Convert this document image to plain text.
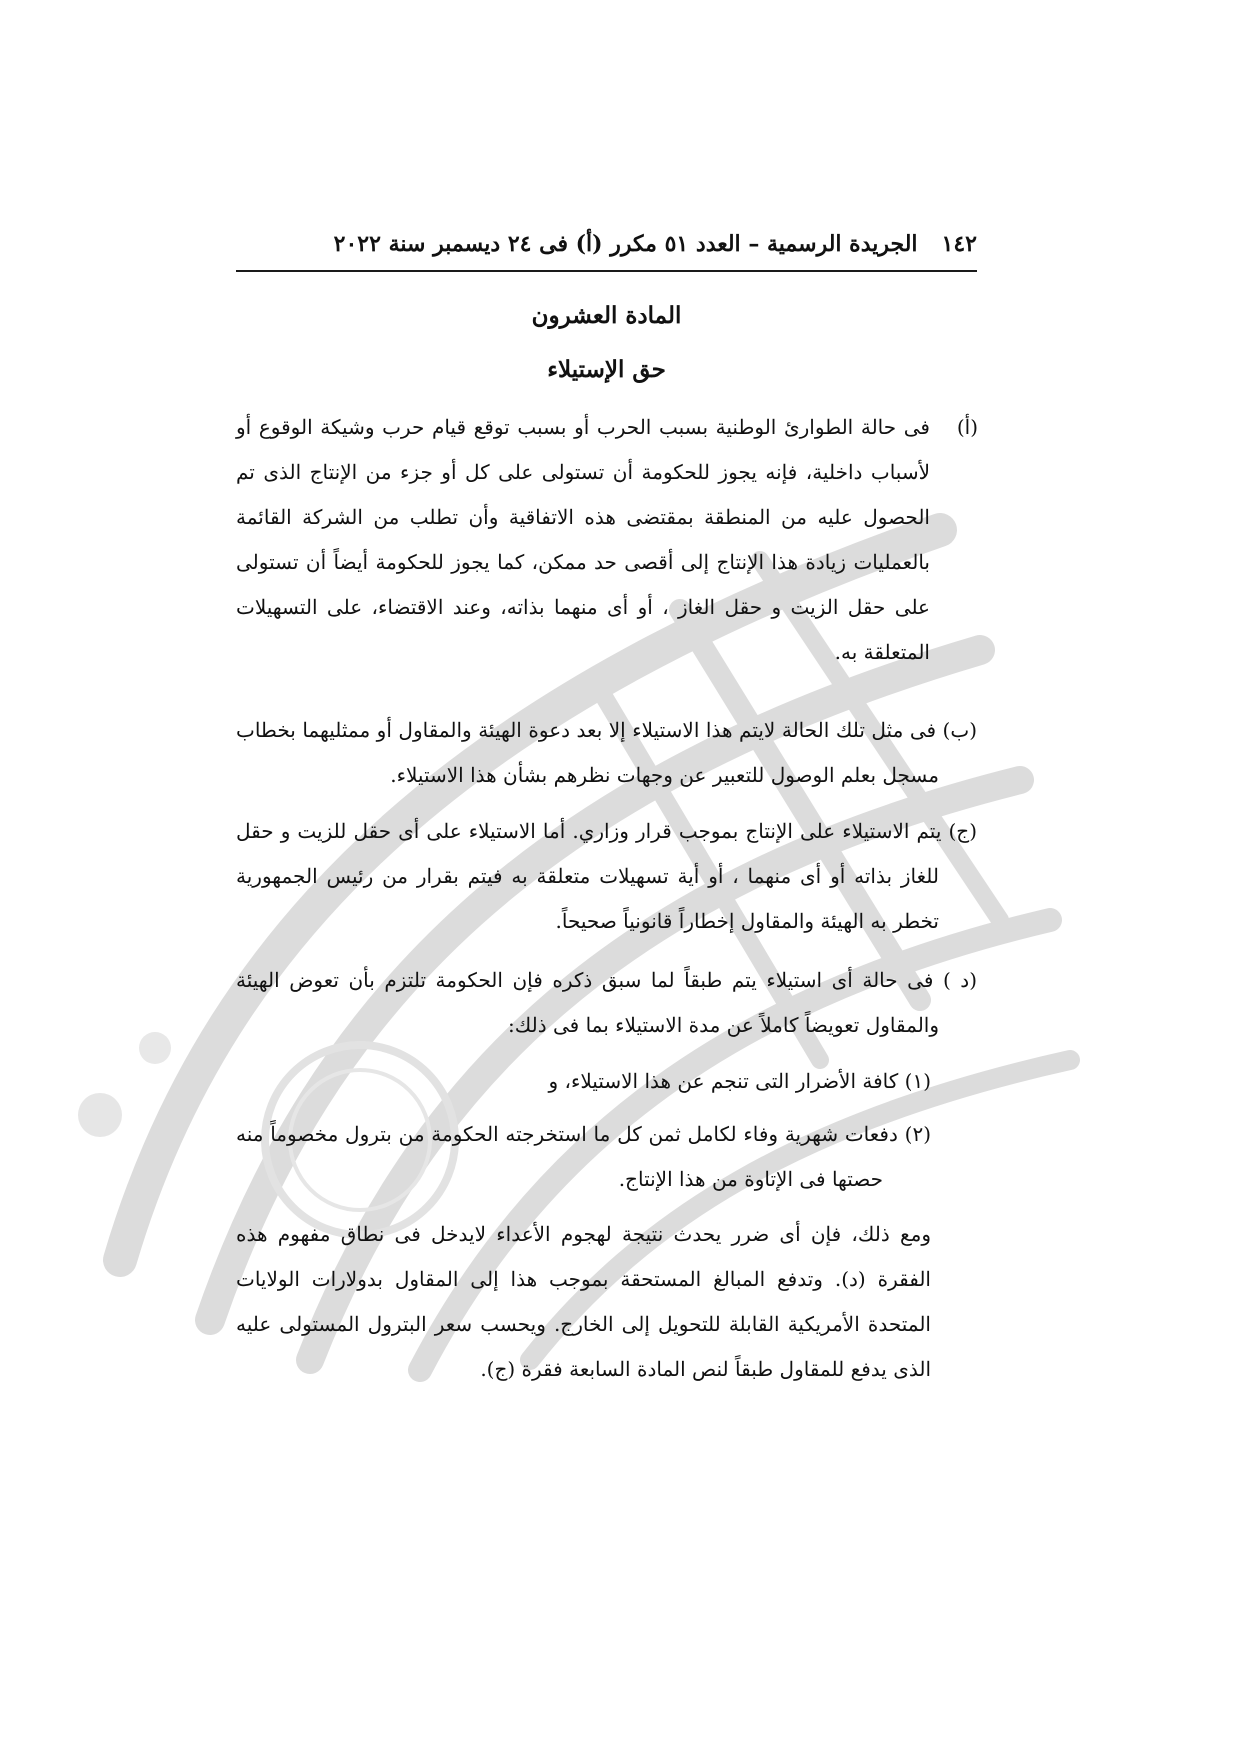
١٤٢
الجريدة الرسمية – العدد ٥١ مكرر (أ) فى ٢٤ ديسمبر سنة ٢٠٢٢
المادة العشرون
حق الإستيلاء
(أ)

فى حالة الطوارئ الوطنية بسبب الحرب أو بسبب توقع قيام حرب وشيكة الوقوع أو لأسباب داخلية، فإنه يجوز للحكومة أن تستولى على كل أو جزء من الإنتاج الذى تم الحصول عليه من المنطقة بمقتضى هذه الاتفاقية وأن تطلب من الشركة القائمة بالعمليات زيادة هذا الإنتاج إلى أقصى حد ممكن، كما يجوز للحكومة أيضاً أن تستولى على حقل الزيت و حقل الغاز ، أو أى منهما بذاته، وعند الاقتضاء، على التسهيلات المتعلقة به.

(ب) فى مثل تلك الحالة لايتم هذا الاستيلاء إلا بعد دعوة الهيئة والمقاول أو ممثليهما بخطاب مسجل بعلم الوصول للتعبير عن وجهات نظرهم بشأن هذا الاستيلاء.

(ج) يتم الاستيلاء على الإنتاج بموجب قرار وزاري. أما الاستيلاء على أى حقل للزيت و حقل للغاز بذاته أو أى منهما ، أو أية تسهيلات متعلقة به فيتم بقرار من رئيس الجمهورية تخطر به الهيئة والمقاول إخطاراً قانونياً صحيحاً.

(د ) فى حالة أى استيلاء يتم طبقاً لما سبق ذكره فإن الحكومة تلتزم بأن تعوض الهيئة والمقاول تعويضاً كاملاً عن مدة الاستيلاء بما فى ذلك:

(١) كافة الأضرار التى تنجم عن هذا الاستيلاء، و

(٢) دفعات شهرية وفاء لكامل ثمن كل ما استخرجته الحكومة من بترول مخصوماً منه حصتها فى الإتاوة من هذا الإنتاج.

ومع ذلك، فإن أى ضرر يحدث نتيجة لهجوم الأعداء لايدخل فى نطاق مفهوم هذه الفقرة (د). وتدفع المبالغ المستحقة بموجب هذا إلى المقاول بدولارات الولايات المتحدة الأمريكية القابلة للتحويل إلى الخارج. ويحسب سعر البترول المستولى عليه الذى يدفع للمقاول طبقاً لنص المادة السابعة فقرة (ج).
